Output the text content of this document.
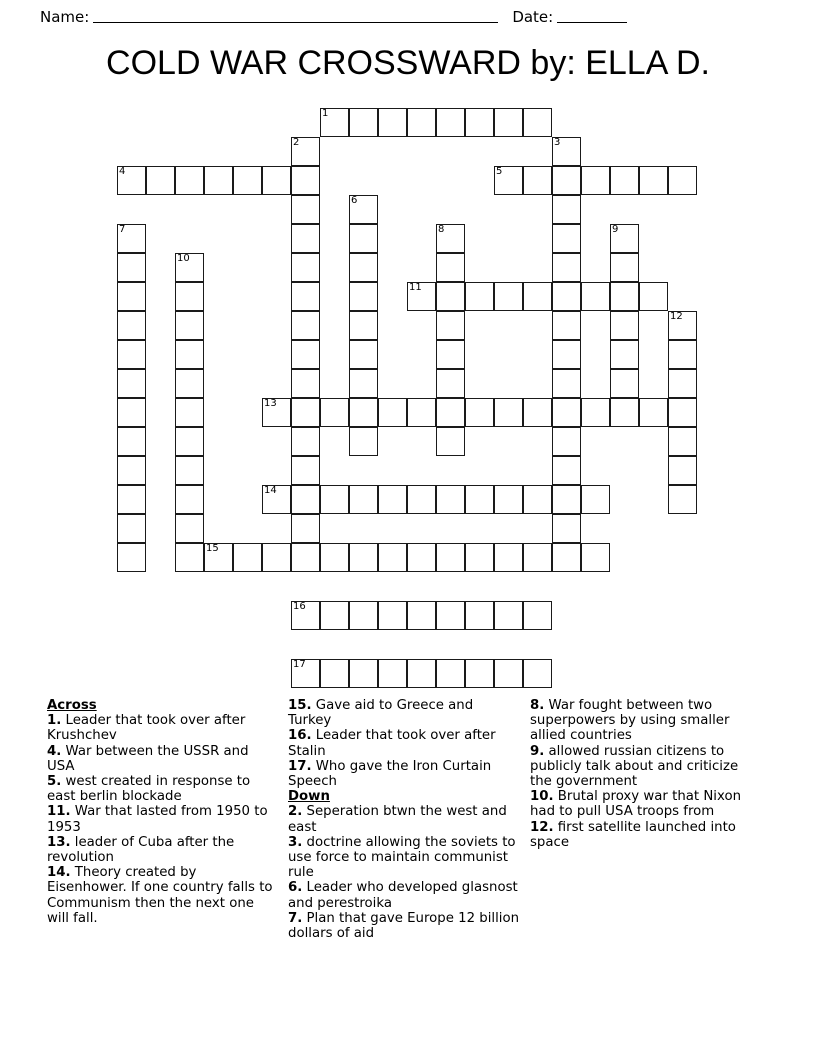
Name:	Date:
COLD WAR CROSSWARD by: ELLA D.
1
2	3
4	5
6
7	8	9
10
11
12
13
14
15
16
17
Across
1. Leader that took over after Krushchev
4. War between the USSR and USA
5. west created in response to east berlin blockade
11. War that lasted from 1950 to 1953
13. leader of Cuba after the revolution
14. Theory created by Eisenhower. If one country falls to Communism then the next one will fall.
15. Gave aid to Greece and Turkey
16. Leader that took over after Stalin
17. Who gave the Iron Curtain Speech
Down
2. Seperation btwn the west and east
3. doctrine allowing the soviets to use force to maintain communist rule
6. Leader who developed glasnost and perestroika
7. Plan that gave Europe 12 billion dollars of aid
8. War fought between two superpowers by using smaller allied countries
9. allowed russian citizens to publicly talk about and criticize the government
10. Brutal proxy war that Nixon had to pull USA troops from
12. first satellite launched into space
